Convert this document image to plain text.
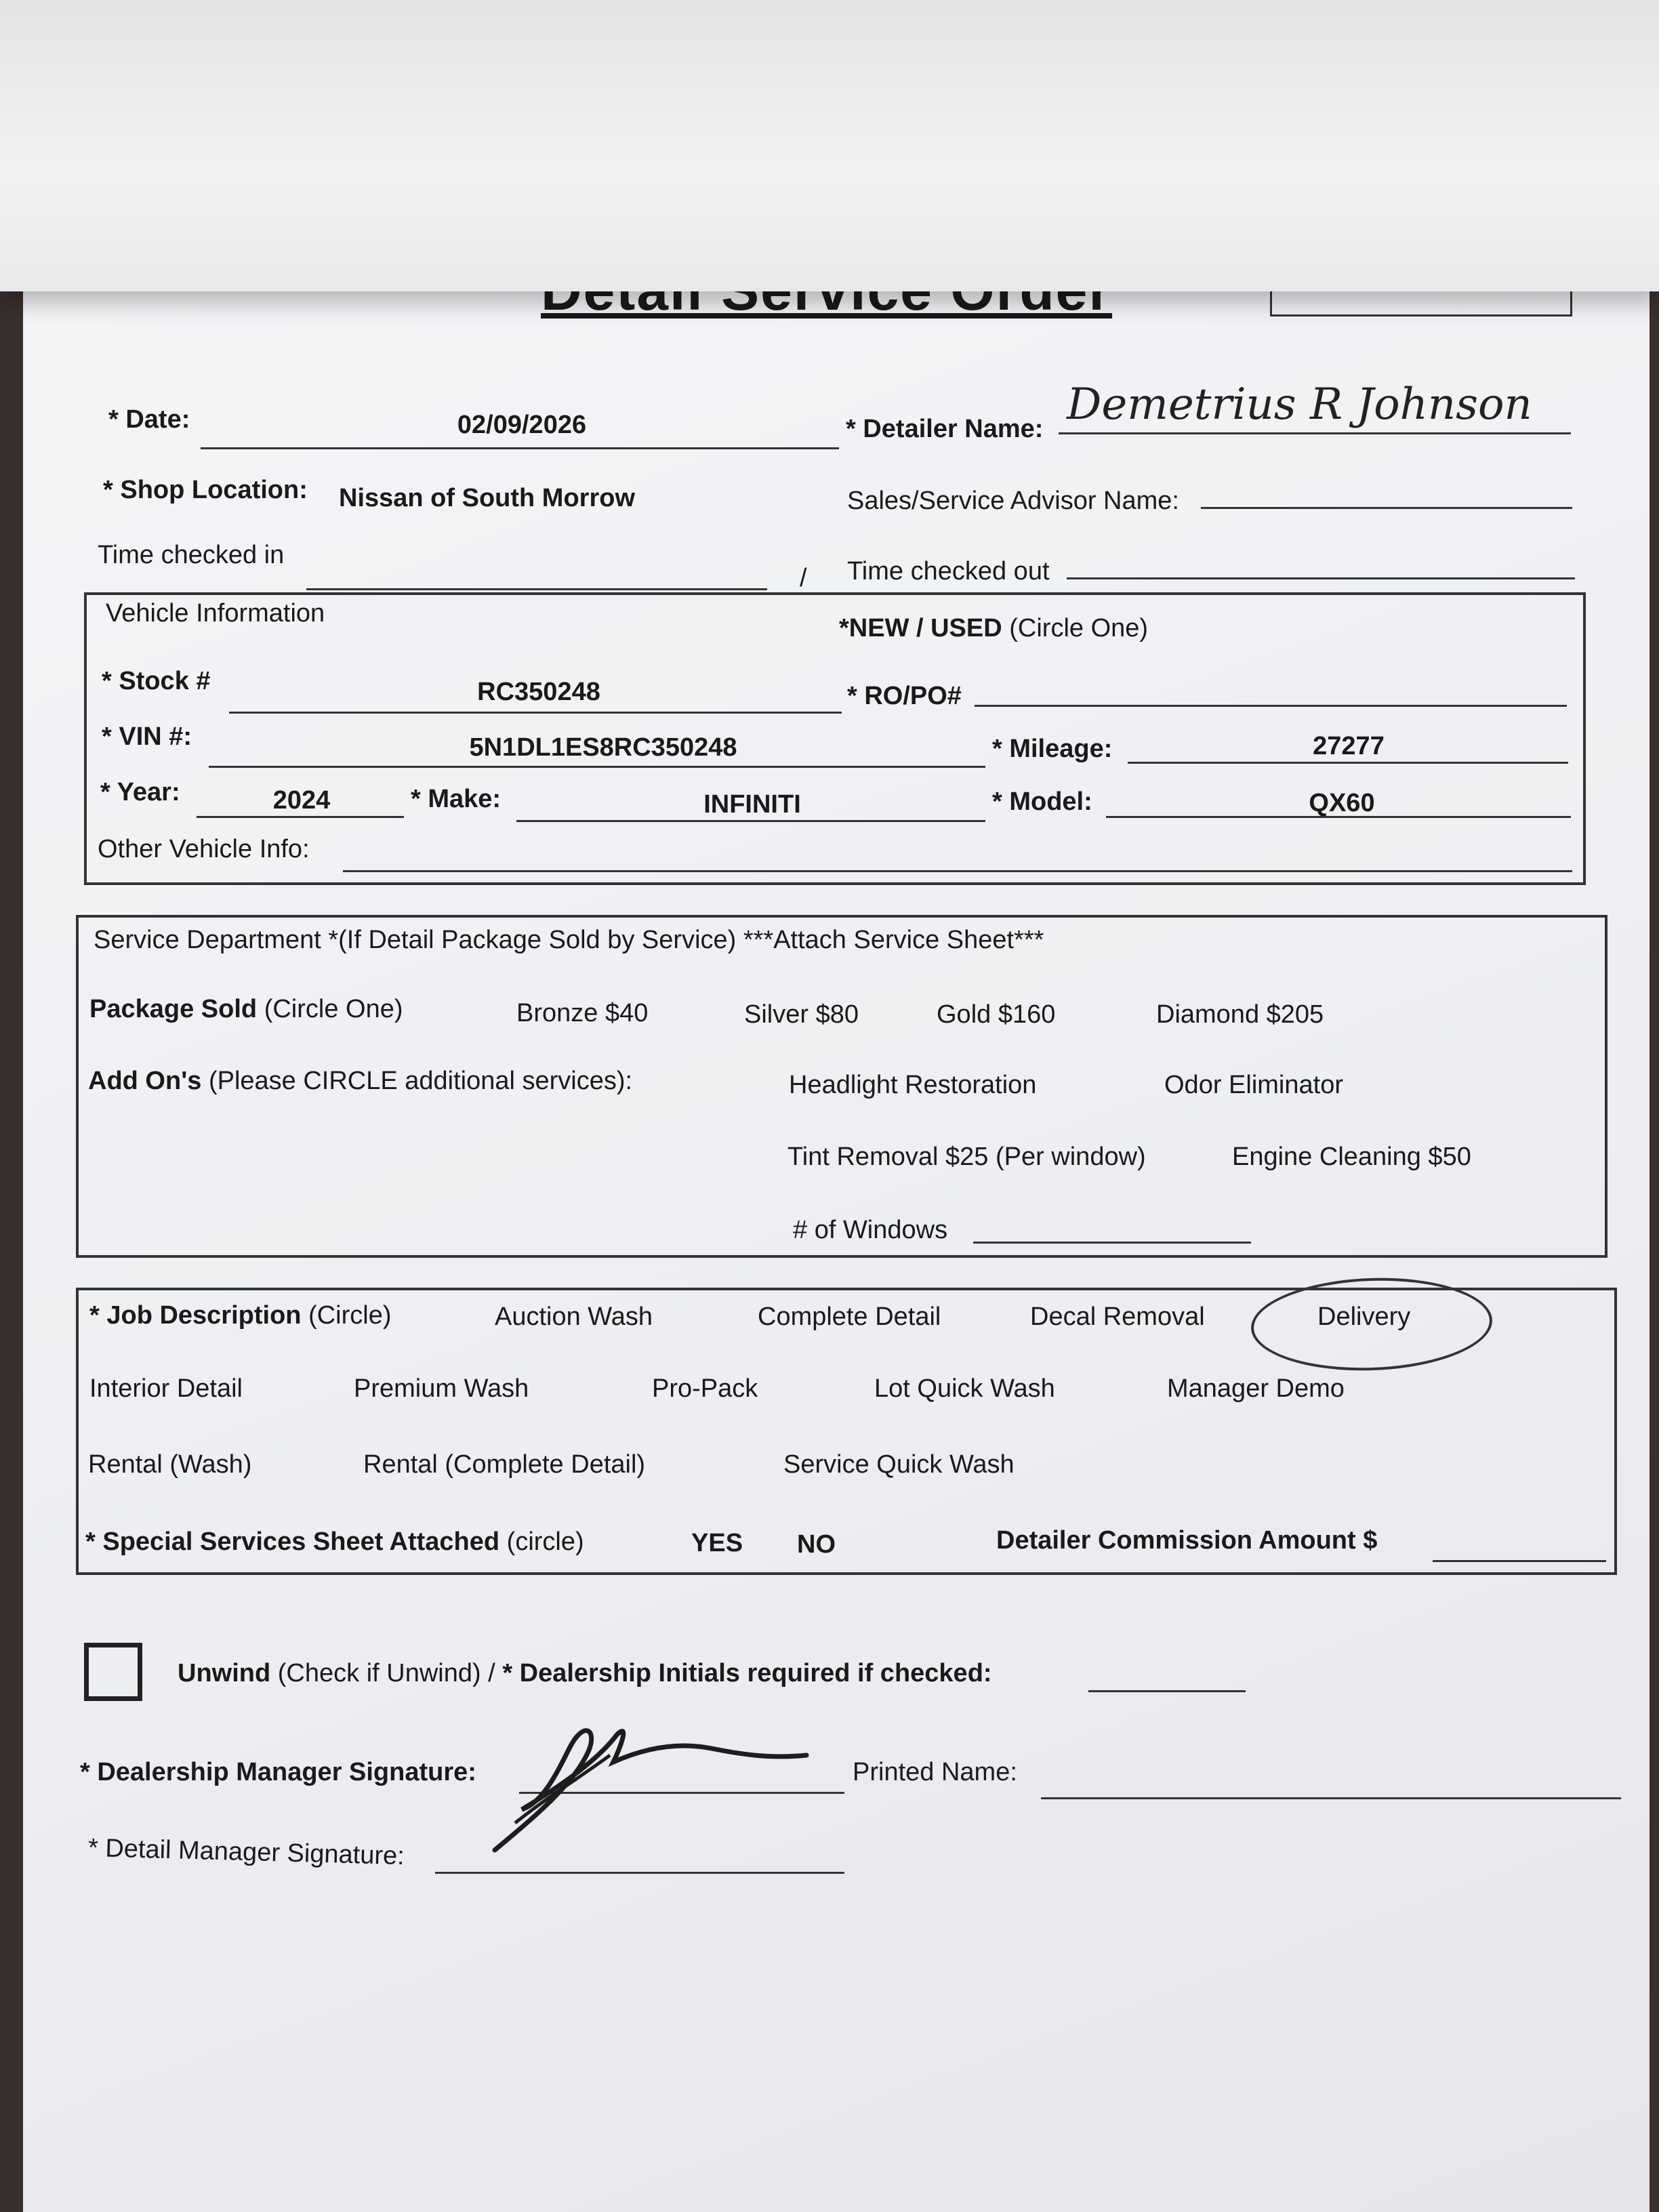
* Date:	02/09/2026	* Detailer Name: Demetrius R Johnson
* Shop Location: Nissan of South Morrow	Sales/Service Advisor Name:
Time checked in
/ Time checked out
Vehicle Information
*NEW / USED (Circle One)
* Stock #	RC350248	* RO/PO#
* VIN #:	5N1DL1ES8RC350248	* Mileage:	27277
* Year:	2024	* Make:	INFINITI	* Model:	QX60
Other Vehicle Info:
Service Department *(If Detail Package Sold by Service) ***Attach Service Sheet***
Package Sold (Circle One)	Bronze $40	Silver $80	Gold $160	Diamond $205
Add On's (Please CIRCLE additional services):	Headlight Restoration	Odor Eliminator
Tint Removal $25 (Per window)	Engine Cleaning $50
# of Windows
* Job Description (Circle)	Auction Wash	Complete Detail	Decal Removal	Delivery
Interior Detail	Premium Wash	Pro-Pack	Lot Quick Wash	Manager Demo
Rental (Wash)	Rental (Complete Detail)	Service Quick Wash
* Special Services Sheet Attached (circle)	YES NO	Detailer Commission Amount $
Unwind (Check if Unwind) / * Dealership Initials required if checked:
* Dealership Manager Signature:	Printed Name:
* Detail Manager Signature:
